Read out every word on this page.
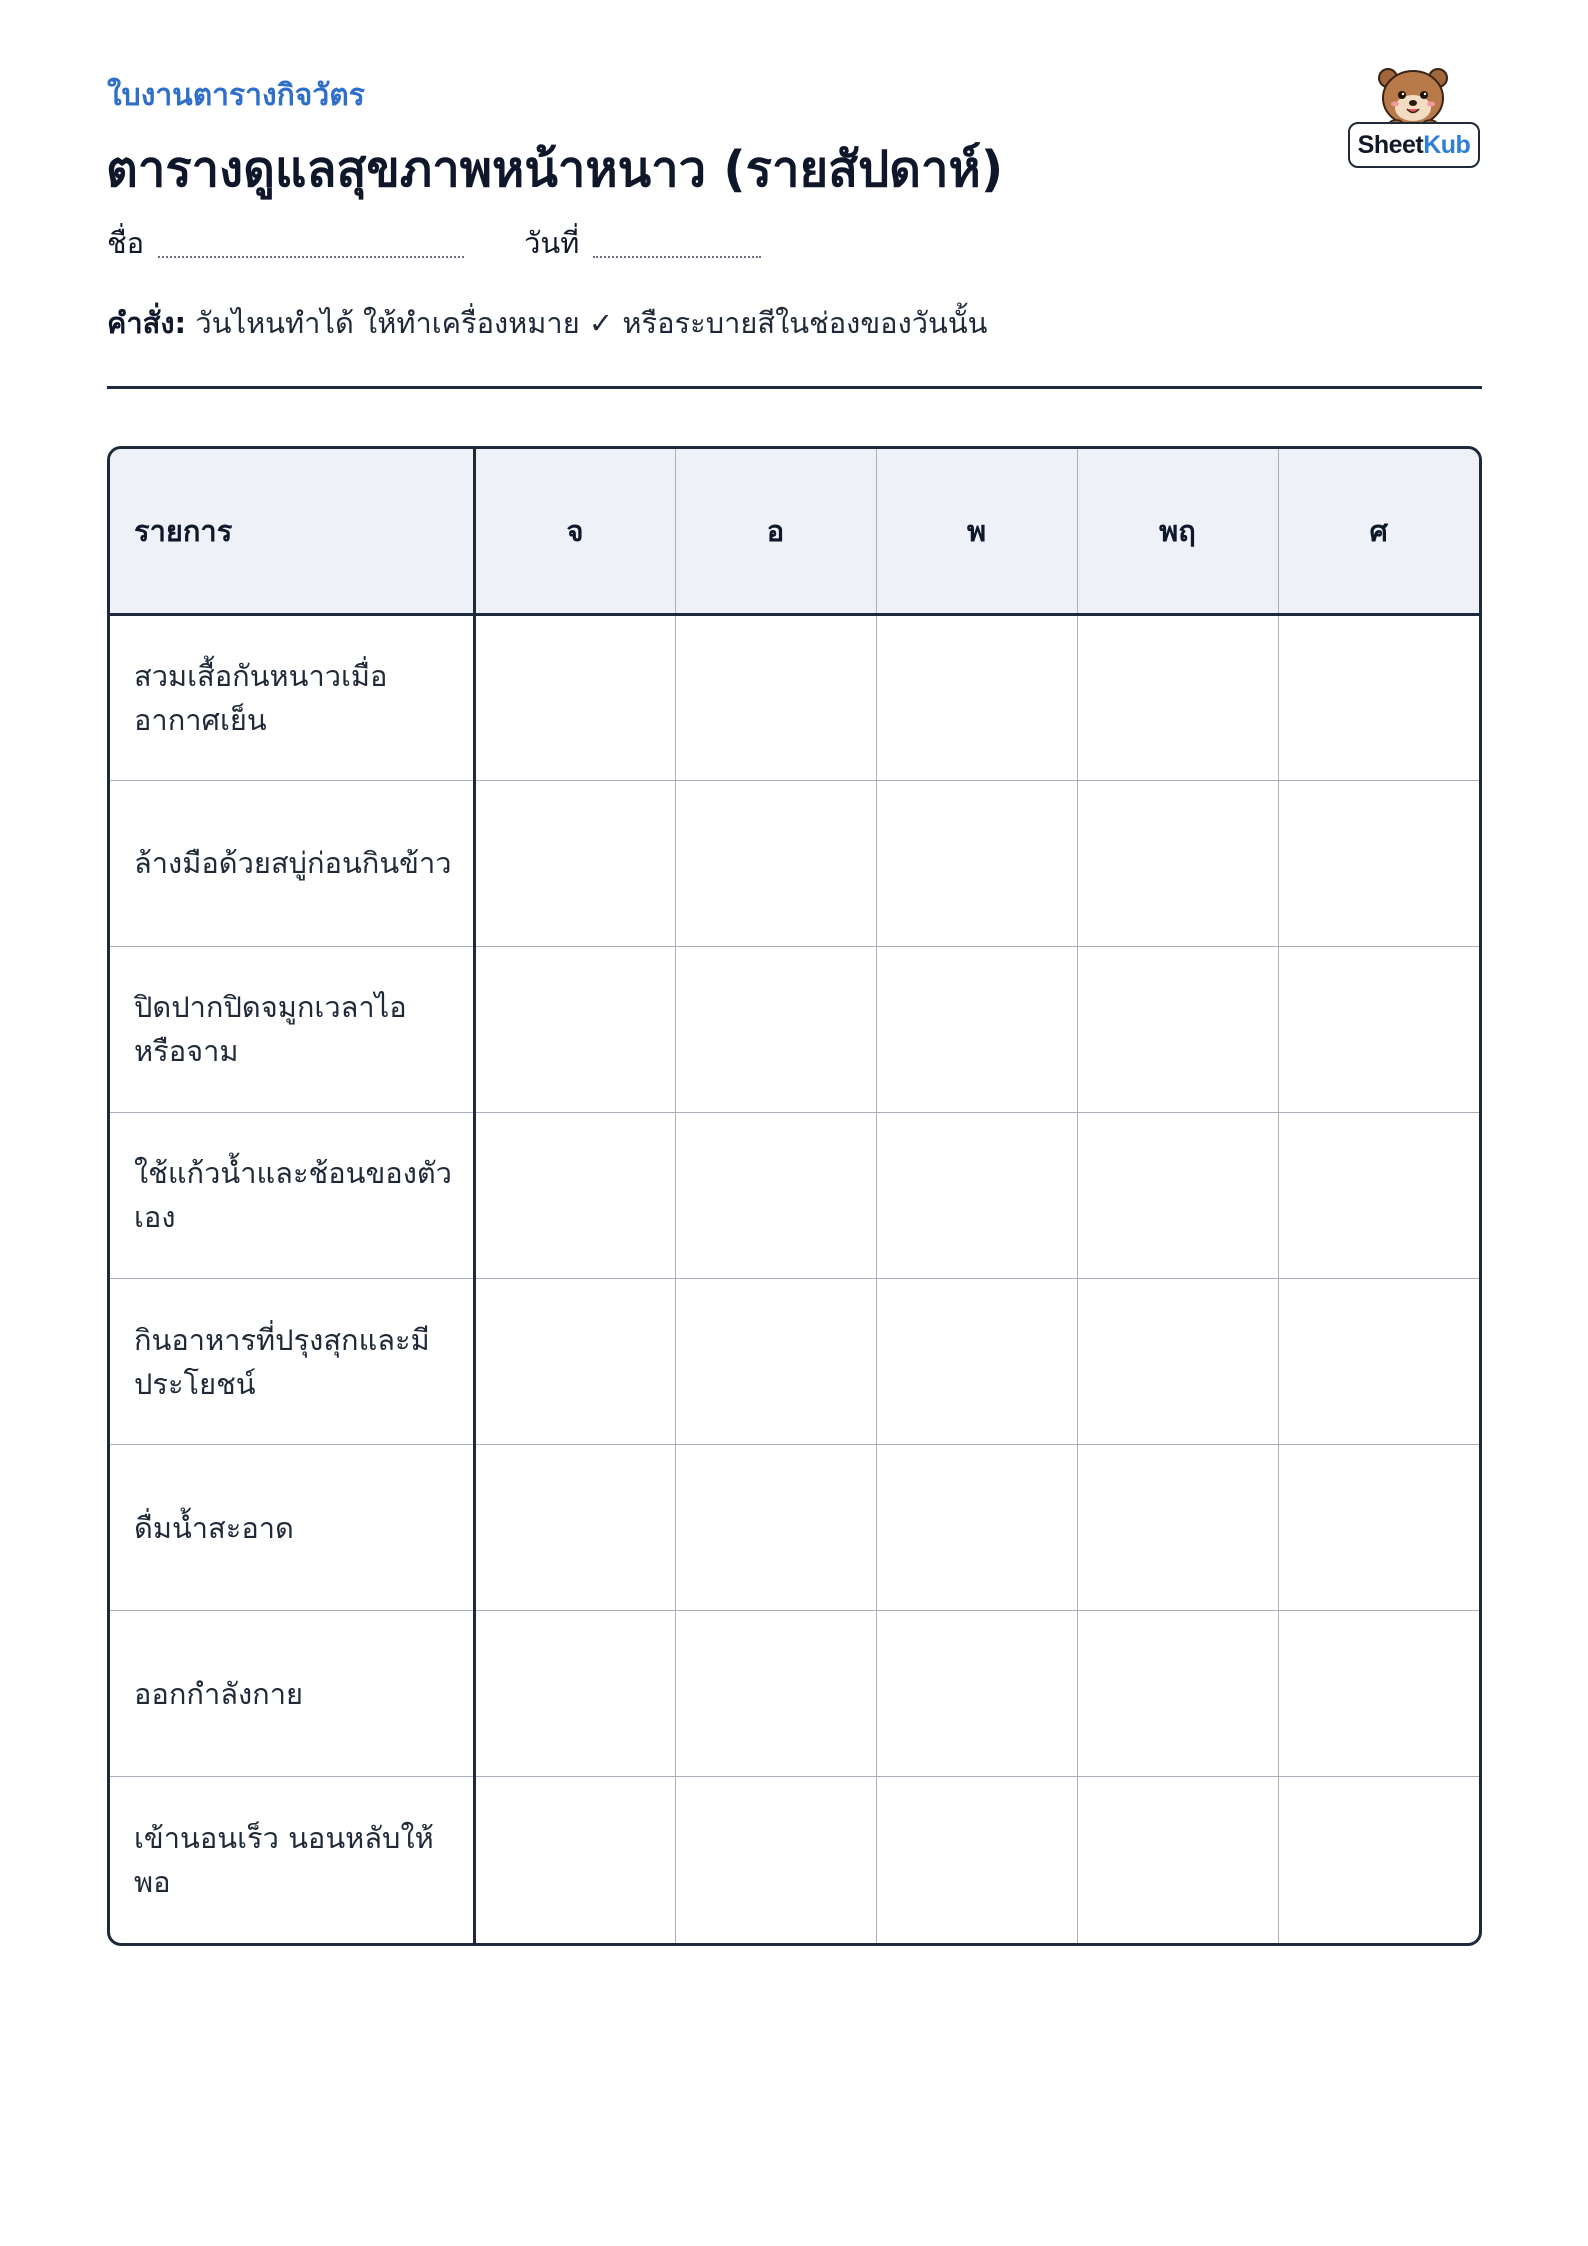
ใบงานตารางกิจวัตร
ตารางดูแลสุขภาพหน้าหนาว (รายสัปดาห์)	SheetKub
ชื่อ	วันที่
คำสั่ง: วันไหนทำได้ ให้ทำเครื่องหมาย ✓ หรือระบายสีในช่องของวันนั้น
รายการ	จ	อ	พ	พฤ	ศ
สวมเสื้อกันหนาวเมื่ออากาศเย็น					
ล้างมือด้วยสบู่ก่อนกินข้าว					
ปิดปากปิดจมูกเวลาไอหรือจาม					
ใช้แก้วน้ำและช้อนของตัวเอง					
กินอาหารที่ปรุงสุกและมีประโยชน์					
ดื่มน้ำสะอาด					
ออกกำลังกาย					
เข้านอนเร็ว นอนหลับให้พอ					
